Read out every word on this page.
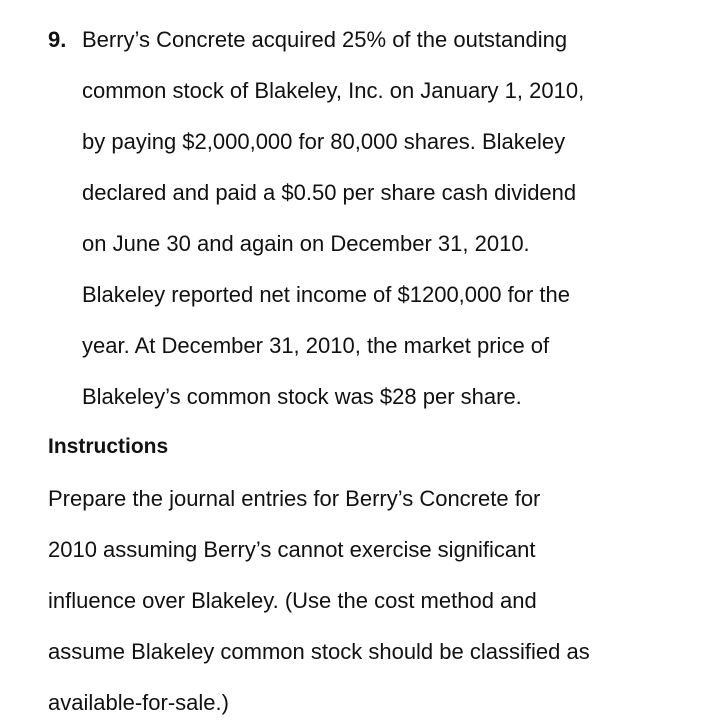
9. Berry’s Concrete acquired 25% of the outstanding
common stock of Blakeley, Inc. on January 1, 2010,
by paying $2,000,000 for 80,000 shares. Blakeley
declared and paid a $0.50 per share cash dividend
on June 30 and again on December 31, 2010.
Blakeley reported net income of $1200,000 for the
year. At December 31, 2010, the market price of
Blakeley’s common stock was $28 per share.
Instructions
Prepare the journal entries for Berry’s Concrete for
2010 assuming Berry’s cannot exercise significant
influence over Blakeley. (Use the cost method and
assume Blakeley common stock should be classified as
available-for-sale.)
